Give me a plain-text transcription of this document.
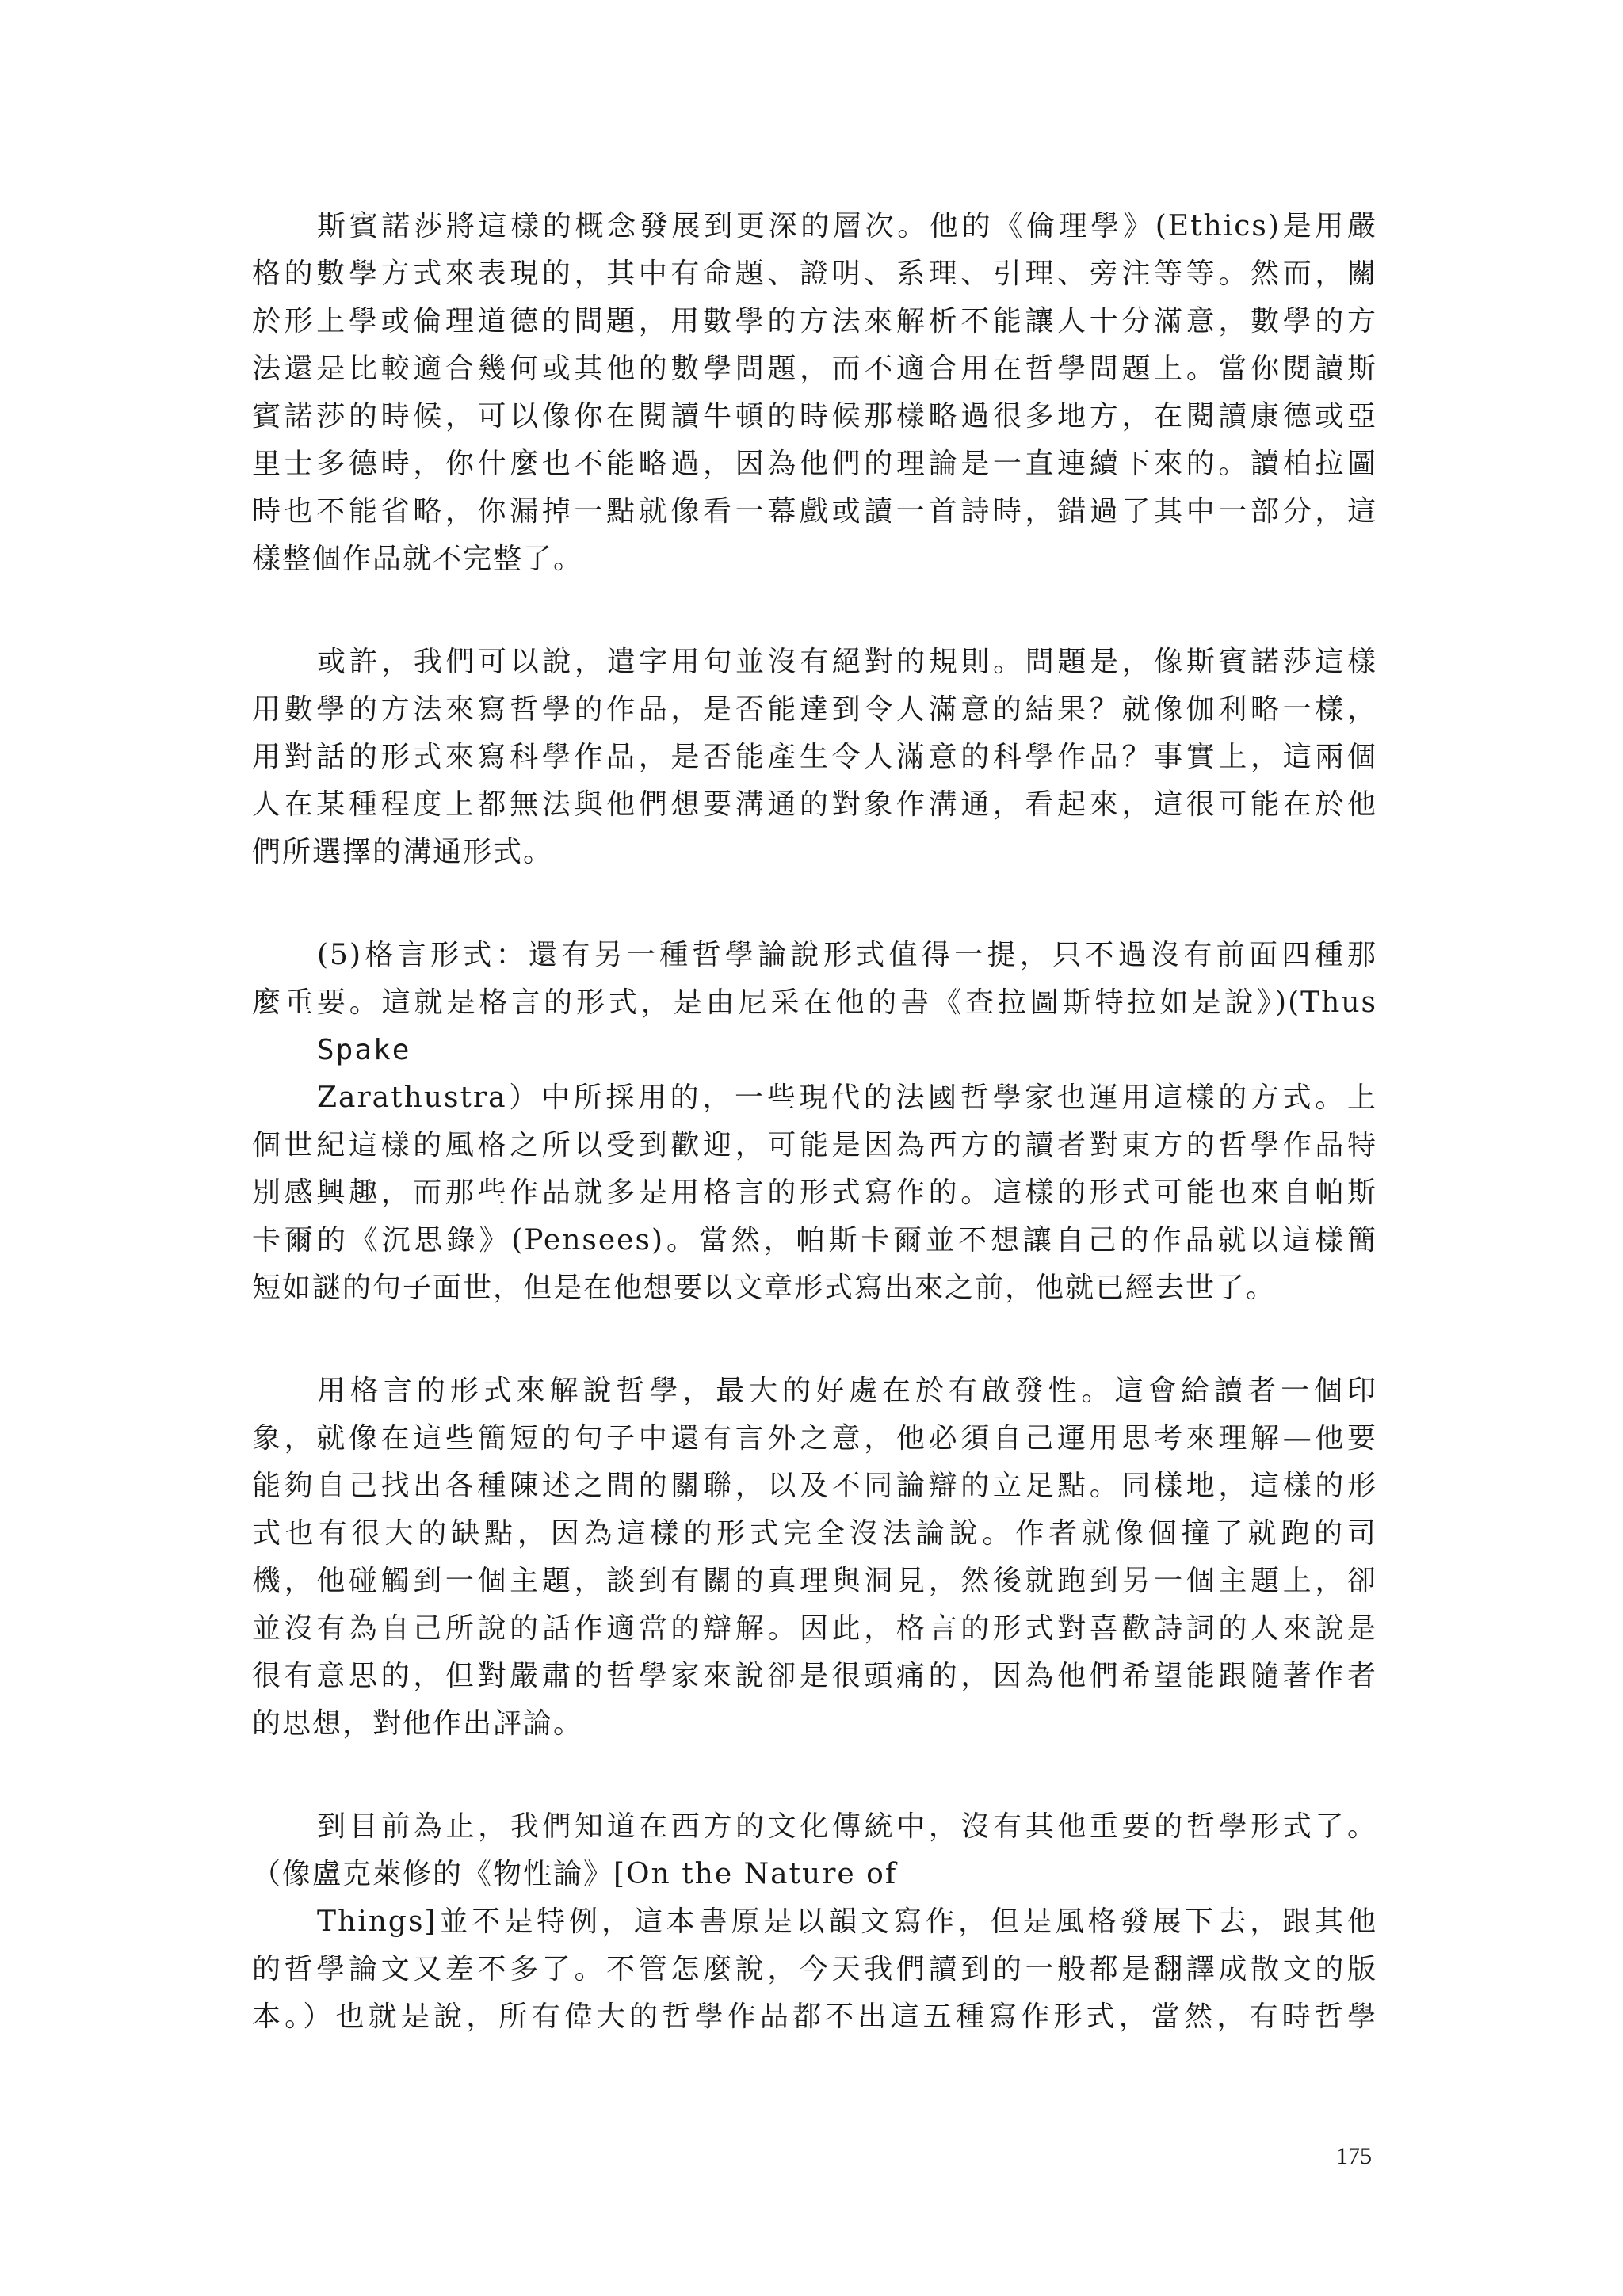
斯賓諾莎將這樣的概念發展到更深的層次。他的《倫理學》(Ethics)是用嚴
格的數學方式來表現的，其中有命題、證明、系理、引理、旁注等等。然而，關
於形上學或倫理道德的問題，用數學的方法來解析不能讓人十分滿意，數學的方
法還是比較適合幾何或其他的數學問題，而不適合用在哲學問題上。當你閱讀斯
賓諾莎的時候，可以像你在閱讀牛頓的時候那樣略過很多地方，在閱讀康德或亞
里士多德時，你什麼也不能略過，因為他們的理論是一直連續下來的。讀柏拉圖
時也不能省略，你漏掉一點就像看一幕戲或讀一首詩時，錯過了其中一部分，這
樣整個作品就不完整了。
或許，我們可以說，遣字用句並沒有絕對的規則。問題是，像斯賓諾莎這樣
用數學的方法來寫哲學的作品，是否能達到令人滿意的結果？就像伽利略一樣，
用對話的形式來寫科學作品，是否能產生令人滿意的科學作品？事實上，這兩個
人在某種程度上都無法與他們想要溝通的對象作溝通，看起來，這很可能在於他
們所選擇的溝通形式。
(5)格言形式：還有另一種哲學論說形式值得一提，只不過沒有前面四種那
麼重要。這就是格言的形式，是由尼采在他的書《查拉圖斯特拉如是說》)(Thus
Spake
Zarathustra）中所採用的，一些現代的法國哲學家也運用這樣的方式。上
個世紀這樣的風格之所以受到歡迎，可能是因為西方的讀者對東方的哲學作品特
別感興趣，而那些作品就多是用格言的形式寫作的。這樣的形式可能也來自帕斯
卡爾的《沉思錄》(Pensees)。當然，帕斯卡爾並不想讓自己的作品就以這樣簡
短如謎的句子面世，但是在他想要以文章形式寫出來之前，他就已經去世了。
用格言的形式來解說哲學，最大的好處在於有啟發性。這會給讀者一個印
象，就像在這些簡短的句子中還有言外之意，他必須自己運用思考來理解—他要
能夠自己找出各種陳述之間的關聯，以及不同論辯的立足點。同樣地，這樣的形
式也有很大的缺點，因為這樣的形式完全沒法論說。作者就像個撞了就跑的司
機，他碰觸到一個主題，談到有關的真理與洞見，然後就跑到另一個主題上，卻
並沒有為自己所說的話作適當的辯解。因此，格言的形式對喜歡詩詞的人來說是
很有意思的，但對嚴肅的哲學家來說卻是很頭痛的，因為他們希望能跟隨著作者
的思想，對他作出評論。
到目前為止，我們知道在西方的文化傳統中，沒有其他重要的哲學形式了。
（像盧克萊修的《物性論》[On the Nature of
Things]並不是特例，這本書原是以韻文寫作，但是風格發展下去，跟其他
的哲學論文又差不多了。不管怎麼說，今天我們讀到的一般都是翻譯成散文的版
本。）也就是說，所有偉大的哲學作品都不出這五種寫作形式，當然，有時哲學
175
